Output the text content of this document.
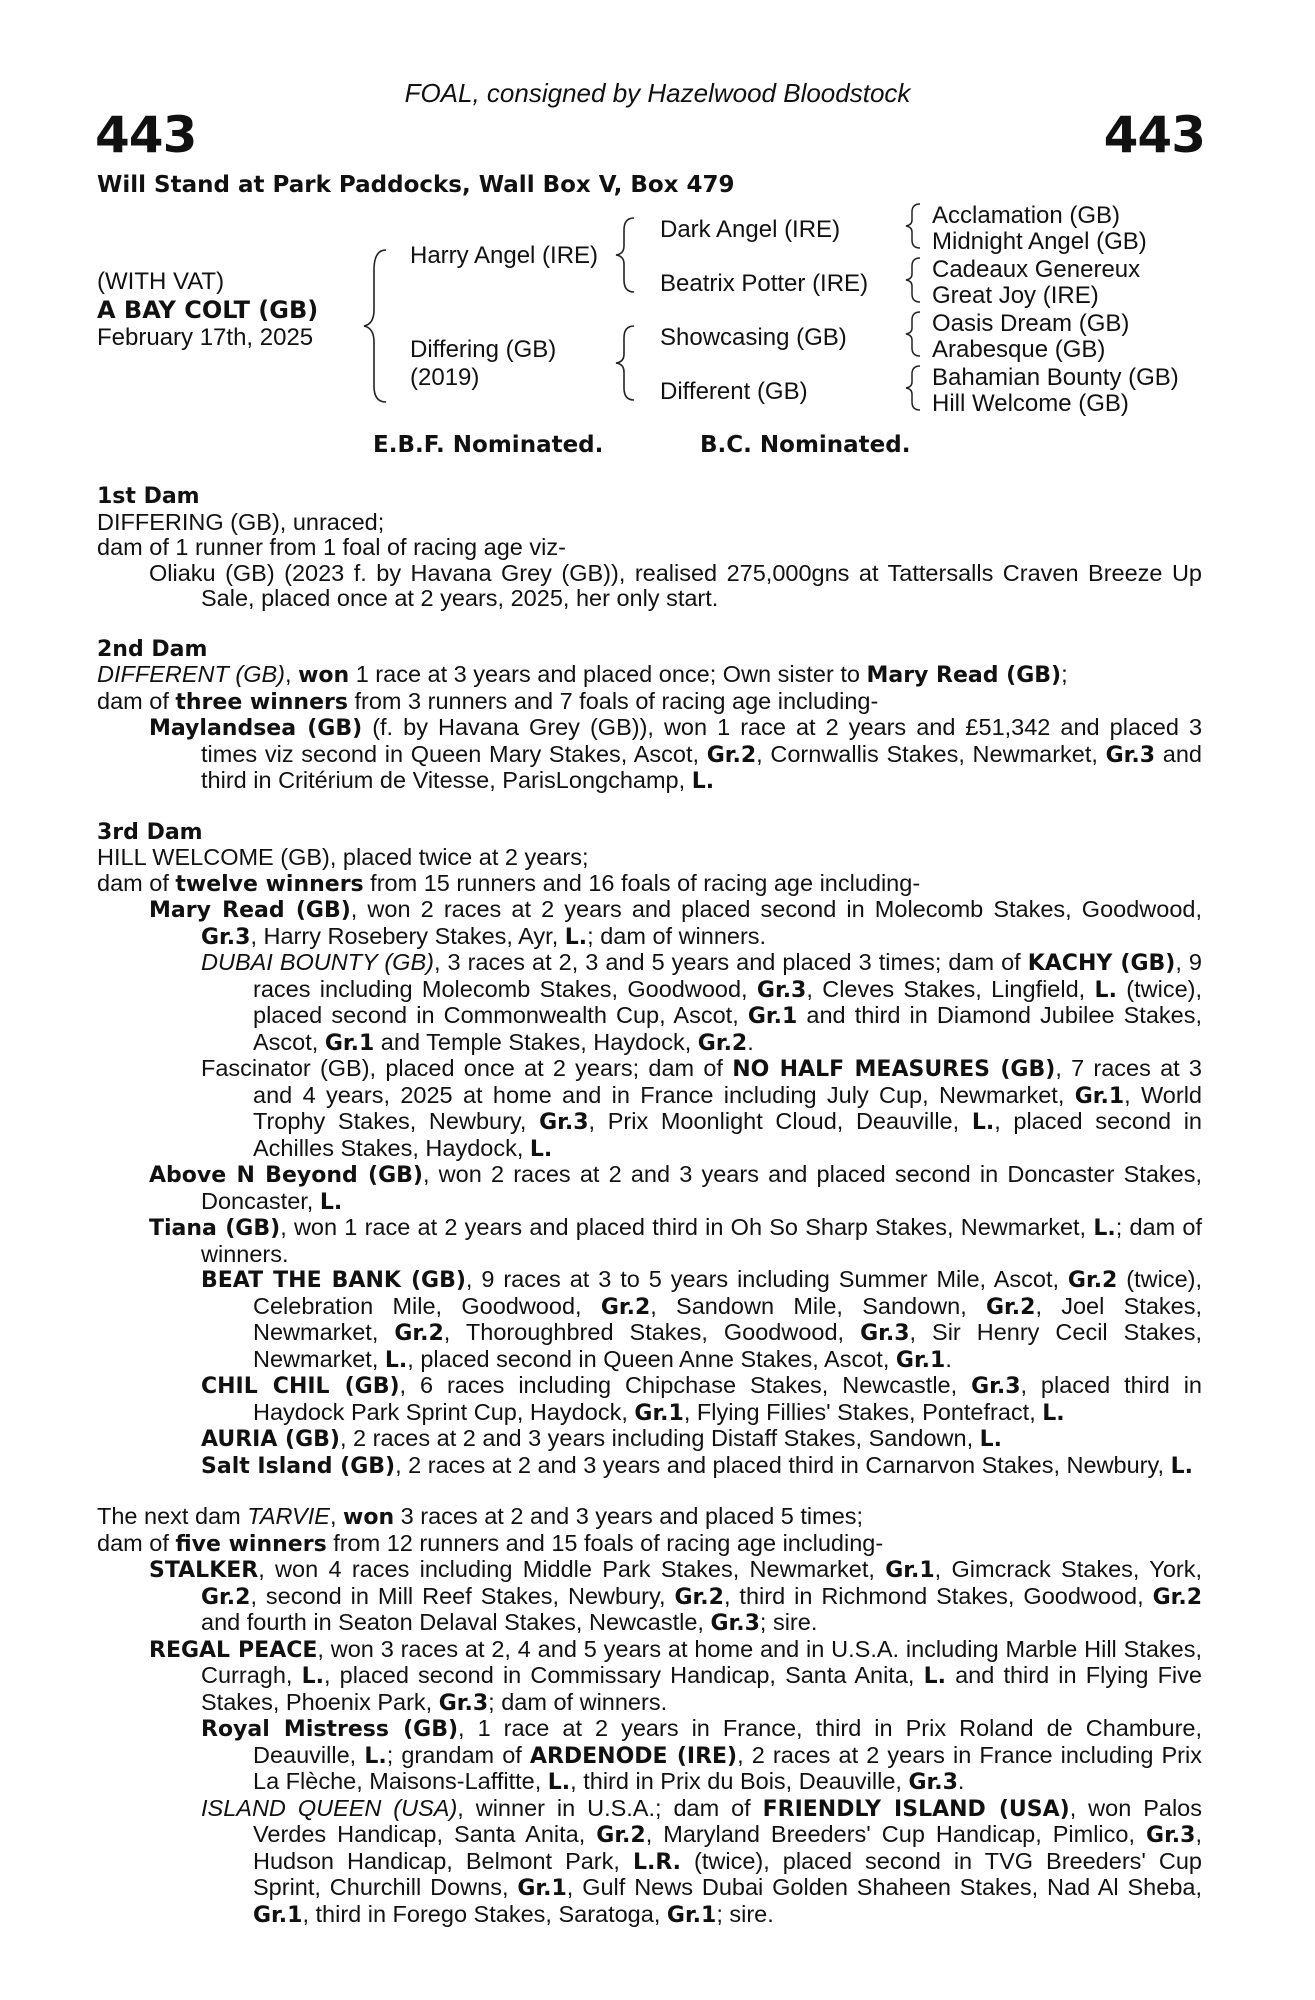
FOAL, consigned by Hazelwood Bloodstock
443	443
Will Stand at Park Paddocks, Wall Box V, Box 479
(WITH VAT)
A BAY COLT (GB)
February 17th, 2025
Harry Angel (IRE)
Differing (GB)
(2019)
Dark Angel (IRE)
Beatrix Potter (IRE)
Showcasing (GB)
Different (GB)
Acclamation (GB)
Midnight Angel (GB)
Cadeaux Genereux
Great Joy (IRE)
Oasis Dream (GB)
Arabesque (GB)
Bahamian Bounty (GB)
Hill Welcome (GB)
E.B.F. Nominated.	B.C. Nominated.
1st Dam
DIFFERING (GB), unraced;
dam of 1 runner from 1 foal of racing age viz-
Oliaku (GB) (2023 f. by Havana Grey (GB)), realised 275,000gns at Tattersalls Craven Breeze Up Sale, placed once at 2 years, 2025, her only start.
2nd Dam
DIFFERENT (GB), won 1 race at 3 years and placed once; Own sister to Mary Read (GB);
dam of three winners from 3 runners and 7 foals of racing age including-
Maylandsea (GB) (f. by Havana Grey (GB)), won 1 race at 2 years and £51,342 and placed 3 times viz second in Queen Mary Stakes, Ascot, Gr.2, Cornwallis Stakes, Newmarket, Gr.3 and third in Critérium de Vitesse, ParisLongchamp, L.
3rd Dam
HILL WELCOME (GB), placed twice at 2 years;
dam of twelve winners from 15 runners and 16 foals of racing age including-
Mary Read (GB), won 2 races at 2 years and placed second in Molecomb Stakes, Goodwood, Gr.3, Harry Rosebery Stakes, Ayr, L.; dam of winners.
DUBAI BOUNTY (GB), 3 races at 2, 3 and 5 years and placed 3 times; dam of KACHY (GB), 9 races including Molecomb Stakes, Goodwood, Gr.3, Cleves Stakes, Lingfield, L. (twice), placed second in Commonwealth Cup, Ascot, Gr.1 and third in Diamond Jubilee Stakes, Ascot, Gr.1 and Temple Stakes, Haydock, Gr.2.
Fascinator (GB), placed once at 2 years; dam of NO HALF MEASURES (GB), 7 races at 3 and 4 years, 2025 at home and in France including July Cup, Newmarket, Gr.1, World Trophy Stakes, Newbury, Gr.3, Prix Moonlight Cloud, Deauville, L., placed second in Achilles Stakes, Haydock, L.
Above N Beyond (GB), won 2 races at 2 and 3 years and placed second in Doncaster Stakes, Doncaster, L.
Tiana (GB), won 1 race at 2 years and placed third in Oh So Sharp Stakes, Newmarket, L.; dam of winners.
BEAT THE BANK (GB), 9 races at 3 to 5 years including Summer Mile, Ascot, Gr.2 (twice), Celebration Mile, Goodwood, Gr.2, Sandown Mile, Sandown, Gr.2, Joel Stakes, Newmarket, Gr.2, Thoroughbred Stakes, Goodwood, Gr.3, Sir Henry Cecil Stakes, Newmarket, L., placed second in Queen Anne Stakes, Ascot, Gr.1.
CHIL CHIL (GB), 6 races including Chipchase Stakes, Newcastle, Gr.3, placed third in Haydock Park Sprint Cup, Haydock, Gr.1, Flying Fillies' Stakes, Pontefract, L.
AURIA (GB), 2 races at 2 and 3 years including Distaff Stakes, Sandown, L.
Salt Island (GB), 2 races at 2 and 3 years and placed third in Carnarvon Stakes, Newbury, L.
The next dam TARVIE, won 3 races at 2 and 3 years and placed 5 times;
dam of five winners from 12 runners and 15 foals of racing age including-
STALKER, won 4 races including Middle Park Stakes, Newmarket, Gr.1, Gimcrack Stakes, York, Gr.2, second in Mill Reef Stakes, Newbury, Gr.2, third in Richmond Stakes, Goodwood, Gr.2 and fourth in Seaton Delaval Stakes, Newcastle, Gr.3; sire.
REGAL PEACE, won 3 races at 2, 4 and 5 years at home and in U.S.A. including Marble Hill Stakes, Curragh, L., placed second in Commissary Handicap, Santa Anita, L. and third in Flying Five Stakes, Phoenix Park, Gr.3; dam of winners.
Royal Mistress (GB), 1 race at 2 years in France, third in Prix Roland de Chambure, Deauville, L.; grandam of ARDENODE (IRE), 2 races at 2 years in France including Prix La Flèche, Maisons-Laffitte, L., third in Prix du Bois, Deauville, Gr.3.
ISLAND QUEEN (USA), winner in U.S.A.; dam of FRIENDLY ISLAND (USA), won Palos Verdes Handicap, Santa Anita, Gr.2, Maryland Breeders' Cup Handicap, Pimlico, Gr.3, Hudson Handicap, Belmont Park, L.R. (twice), placed second in TVG Breeders' Cup Sprint, Churchill Downs, Gr.1, Gulf News Dubai Golden Shaheen Stakes, Nad Al Sheba, Gr.1, third in Forego Stakes, Saratoga, Gr.1; sire.
